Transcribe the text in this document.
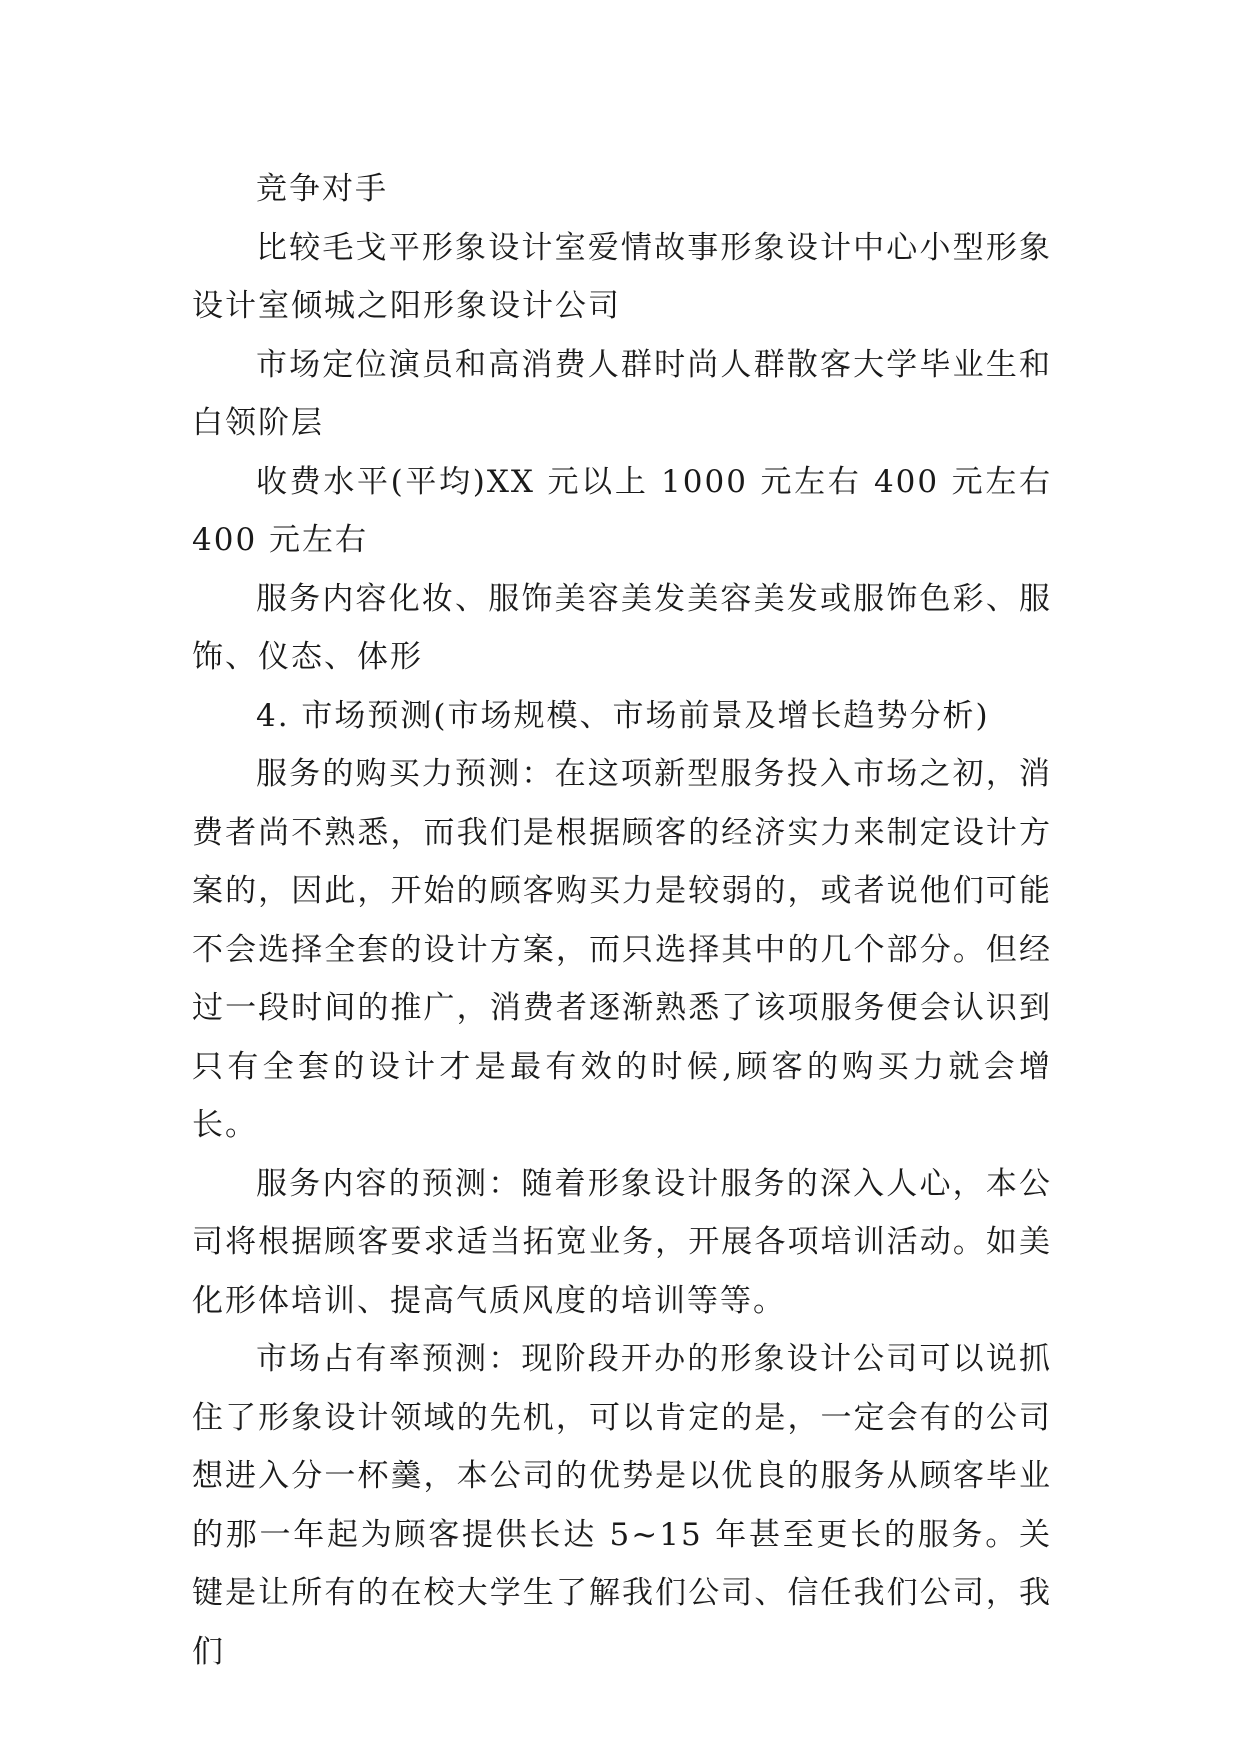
竞争对手

比较毛戈平形象设计室爱情故事形象设计中心小型形象设计室倾城之阳形象设计公司

市场定位演员和高消费人群时尚人群散客大学毕业生和白领阶层

收费水平(平均)XX 元以上 1000 元左右 400 元左右 400 元左右

服务内容化妆、服饰美容美发美容美发或服饰色彩、服饰、仪态、体形

4. 市场预测(市场规模、市场前景及增长趋势分析)

服务的购买力预测：在这项新型服务投入市场之初，消费者尚不熟悉，而我们是根据顾客的经济实力来制定设计方案的，因此，开始的顾客购买力是较弱的，或者说他们可能不会选择全套的设计方案，而只选择其中的几个部分。但经过一段时间的推广，消费者逐渐熟悉了该项服务便会认识到只有全套的设计才是最有效的时候,顾客的购买力就会增长。

服务内容的预测：随着形象设计服务的深入人心，本公司将根据顾客要求适当拓宽业务，开展各项培训活动。如美化形体培训、提高气质风度的培训等等。

市场占有率预测：现阶段开办的形象设计公司可以说抓住了形象设计领域的先机，可以肯定的是，一定会有的公司想进入分一杯羹，本公司的优势是以优良的服务从顾客毕业的那一年起为顾客提供长达 5~15 年甚至更长的服务。关键是让所有的在校大学生了解我们公司、信任我们公司，我们
